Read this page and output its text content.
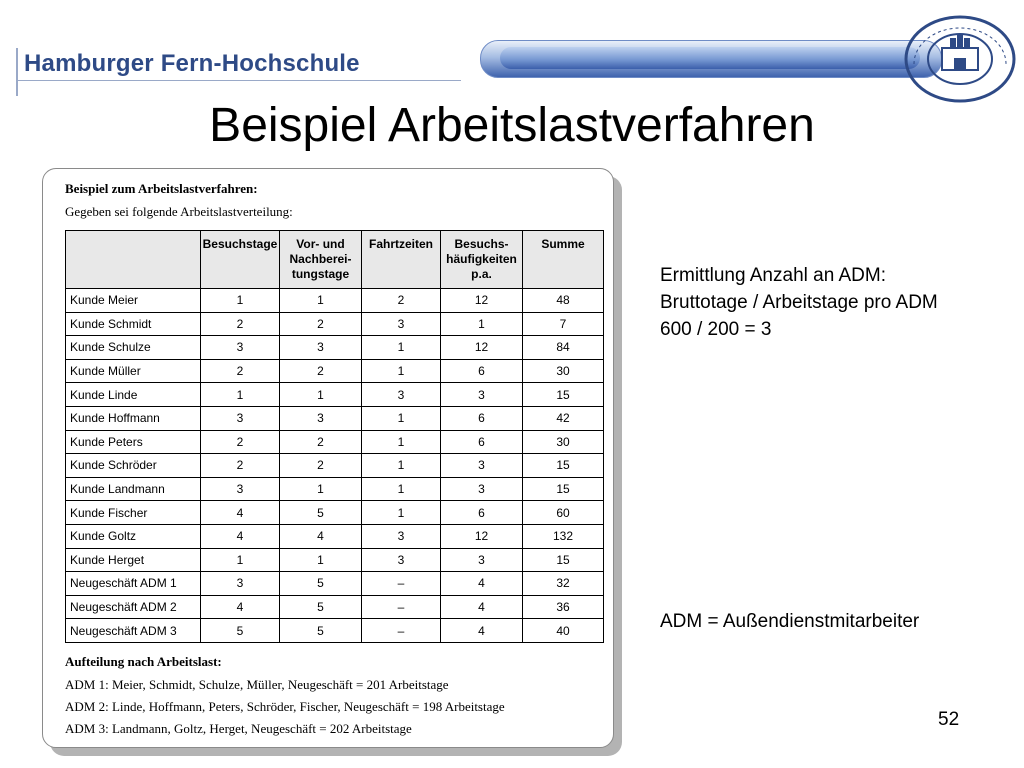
Hamburger Fern-Hochschule
Beispiel Arbeitslastverfahren
Beispiel zum Arbeitslastverfahren:
Gegeben sei folgende Arbeitslastverteilung:
	Besuchstage	Vor- und Nachberei-tungstage	Fahrtzeiten	Besuchs-häufigkeiten p.a.	Summe
Kunde Meier	1	1	2	12	48
Kunde Schmidt	2	2	3	1	7
Kunde Schulze	3	3	1	12	84
Kunde Müller	2	2	1	6	30
Kunde Linde	1	1	3	3	15
Kunde Hoffmann	3	3	1	6	42
Kunde Peters	2	2	1	6	30
Kunde Schröder	2	2	1	3	15
Kunde Landmann	3	1	1	3	15
Kunde Fischer	4	5	1	6	60
Kunde Goltz	4	4	3	12	132
Kunde Herget	1	1	3	3	15
Neugeschäft ADM 1	3	5	–	4	32
Neugeschäft ADM 2	4	5	–	4	36
Neugeschäft ADM 3	5	5	–	4	40
Aufteilung nach Arbeitslast:
ADM 1: Meier, Schmidt, Schulze, Müller, Neugeschäft = 201 Arbeitstage
ADM 2: Linde, Hoffmann, Peters, Schröder, Fischer, Neugeschäft = 198 Arbeitstage
ADM 3: Landmann, Goltz, Herget, Neugeschäft = 202 Arbeitstage
Ermittlung Anzahl an ADM:
Bruttotage / Arbeitstage pro ADM
600 / 200 = 3
ADM = Außendienstmitarbeiter
52
